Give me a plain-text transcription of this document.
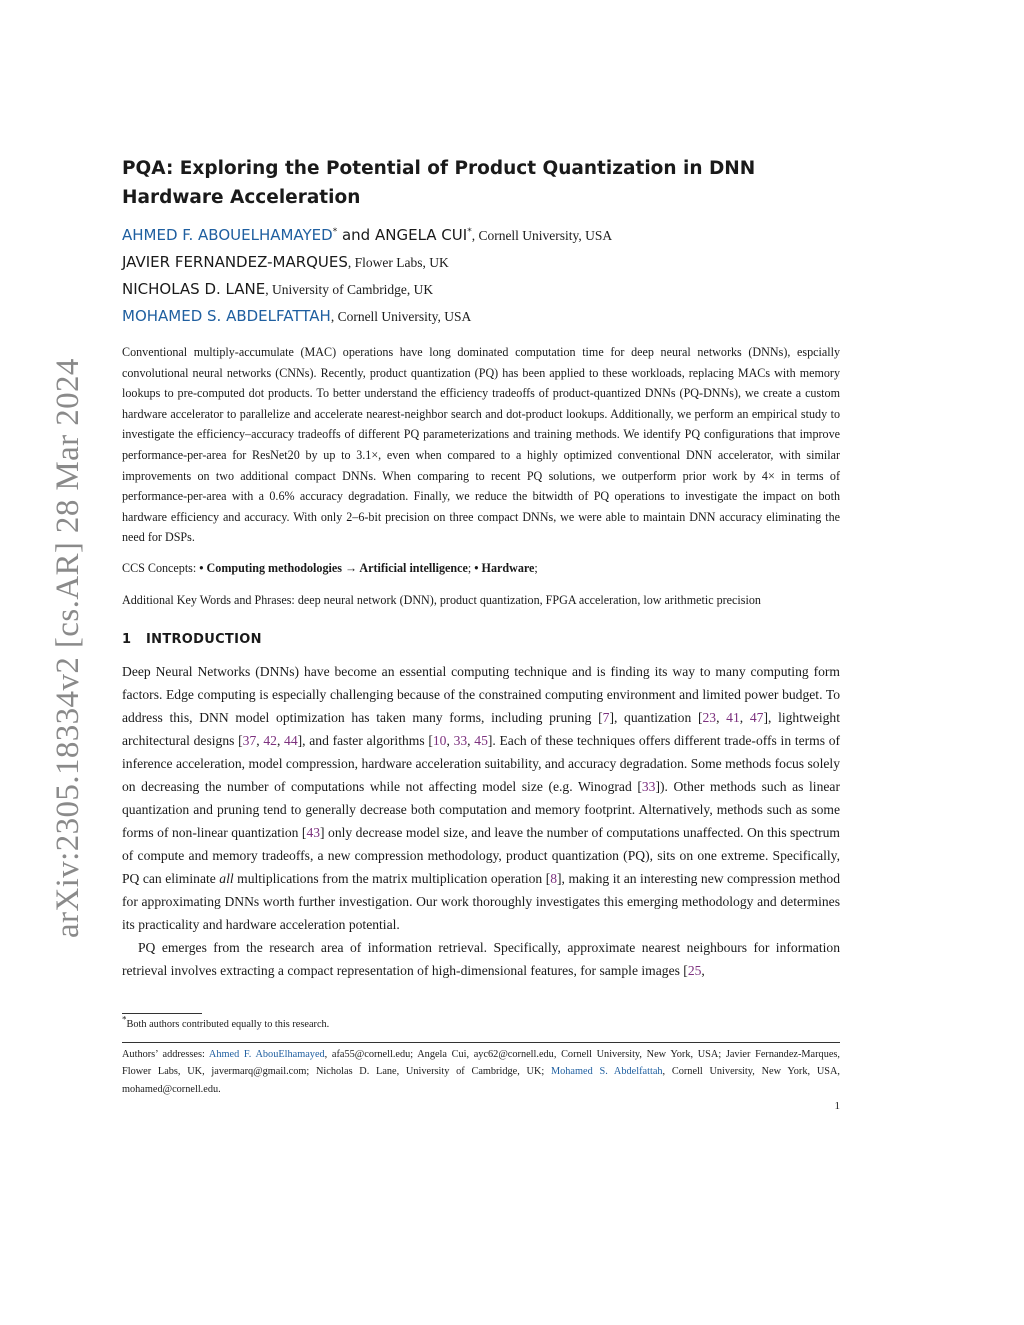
arXiv:2305.18334v2 [cs.AR] 28 Mar 2024
PQA: Exploring the Potential of Product Quantization in DNN Hardware Acceleration
AHMED F. ABOUELHAMAYED* and ANGELA CUI*, Cornell University, USA
JAVIER FERNANDEZ-MARQUES, Flower Labs, UK
NICHOLAS D. LANE, University of Cambridge, UK
MOHAMED S. ABDELFATTAH, Cornell University, USA

Conventional multiply-accumulate (MAC) operations have long dominated computation time for deep neural networks (DNNs), espcially convolutional neural networks (CNNs). Recently, product quantization (PQ) has been applied to these workloads, replacing MACs with memory lookups to pre-computed dot products. To better understand the efficiency tradeoffs of product-quantized DNNs (PQ-DNNs), we create a custom hardware accelerator to parallelize and accelerate nearest-neighbor search and dot-product lookups. Additionally, we perform an empirical study to investigate the efficiency–accuracy tradeoffs of different PQ parameterizations and training methods. We identify PQ configurations that improve performance-per-area for ResNet20 by up to 3.1×, even when compared to a highly optimized conventional DNN accelerator, with similar improvements on two additional compact DNNs. When comparing to recent PQ solutions, we outperform prior work by 4× in terms of performance-per-area with a 0.6% accuracy degradation. Finally, we reduce the bitwidth of PQ operations to investigate the impact on both hardware efficiency and accuracy. With only 2–6-bit precision on three compact DNNs, we were able to maintain DNN accuracy eliminating the need for DSPs.

CCS Concepts: • Computing methodologies → Artificial intelligence; • Hardware;

Additional Key Words and Phrases: deep neural network (DNN), product quantization, FPGA acceleration, low arithmetic precision

1 INTRODUCTION

Deep Neural Networks (DNNs) have become an essential computing technique and is finding its way to many computing form factors. Edge computing is especially challenging because of the constrained computing environment and limited power budget. To address this, DNN model optimization has taken many forms, including pruning [7], quantization [23, 41, 47], lightweight architectural designs [37, 42, 44], and faster algorithms [10, 33, 45]. Each of these techniques offers different trade-offs in terms of inference acceleration, model compression, hardware acceleration suitability, and accuracy degradation. Some methods focus solely on decreasing the number of computations while not affecting model size (e.g. Winograd [33]). Other methods such as linear quantization and pruning tend to generally decrease both computation and memory footprint. Alternatively, methods such as some forms of non-linear quantization [43] only decrease model size, and leave the number of computations unaffected. On this spectrum of compute and memory tradeoffs, a new compression methodology, product quantization (PQ), sits on one extreme. Specifically, PQ can eliminate all multiplications from the matrix multiplication operation [8], making it an interesting new compression method for approximating DNNs worth further investigation. Our work thoroughly investigates this emerging methodology and determines its practicality and hardware acceleration potential.

PQ emerges from the research area of information retrieval. Specifically, approximate nearest neighbours for information retrieval involves extracting a compact representation of high-dimensional features, for sample images [25,

*Both authors contributed equally to this research.

Authors’ addresses: Ahmed F. AbouElhamayed, afa55@cornell.edu; Angela Cui, ayc62@cornell.edu, Cornell University, New York, USA; Javier Fernandez-Marques, Flower Labs, UK, javermarq@gmail.com; Nicholas D. Lane, University of Cambridge, UK; Mohamed S. Abdelfattah, Cornell University, New York, USA, mohamed@cornell.edu.

1
